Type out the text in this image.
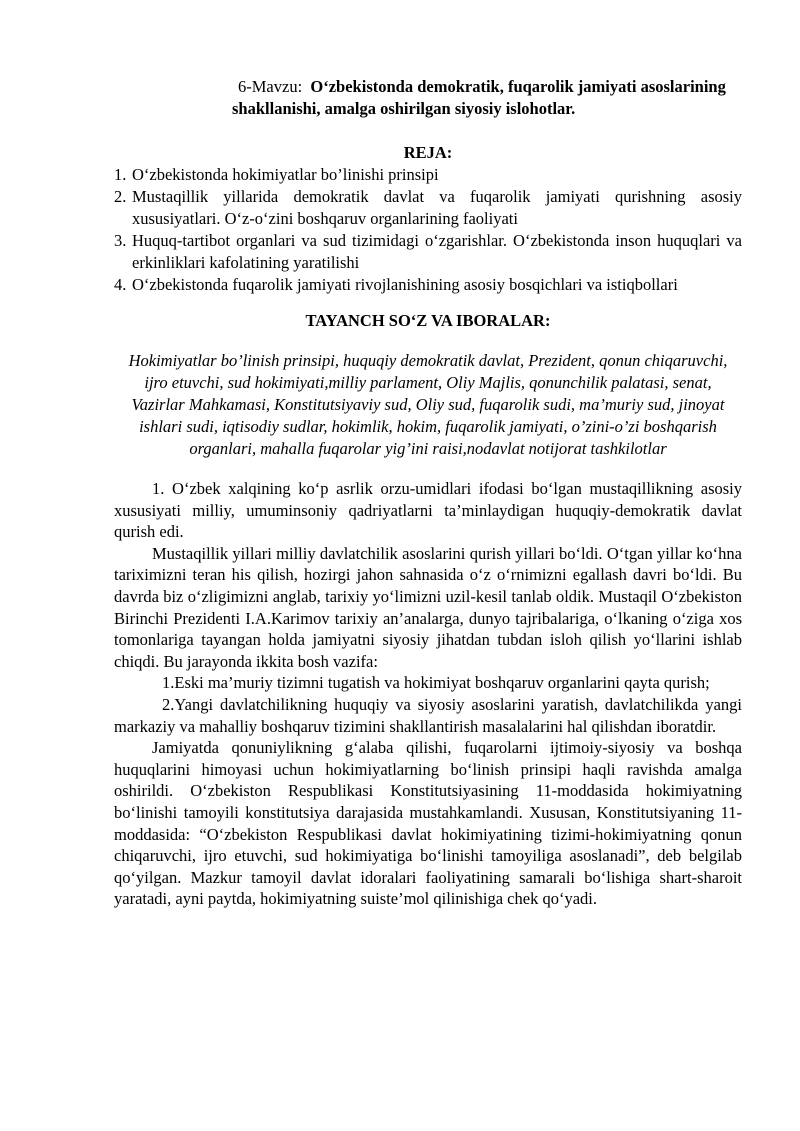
6-Mavzu: O‘zbekistonda demokratik, fuqarolik jamiyati asoslarining
shakllanishi, amalga oshirilgan siyosiy islohotlar.
REJA:
1. O‘zbekistonda hokimiyatlar bo’linishi prinsipi
2. Mustaqillik yillarida demokratik davlat va fuqarolik jamiyati qurishning asosiy xususiyatlari. O‘z-o‘zini boshqaruv organlarining faoliyati
3. Huquq-tartibot organlari va sud tizimidagi o‘zgarishlar. O‘zbekistonda inson huquqlari va erkinliklari kafolatining yaratilishi
4. O‘zbekistonda fuqarolik jamiyati rivojlanishining asosiy bosqichlari va istiqbollari
TAYANCH SO‘Z VA IBORALAR:
Hokimiyatlar bo’linish prinsipi, huquqiy demokratik davlat, Prezident, qonun chiqaruvchi, ijro etuvchi, sud hokimiyati,milliy parlament, Oliy Majlis, qonunchilik palatasi, senat, Vazirlar Mahkamasi, Konstitutsiyaviy sud, Oliy sud, fuqarolik sudi, ma’muriy sud, jinoyat ishlari sudi, iqtisodiy sudlar, hokimlik, hokim, fuqarolik jamiyati, o’zini-o’zi boshqarish organlari, mahalla fuqarolar yig’ini raisi,nodavlat notijorat tashkilotlar

1. O‘zbek xalqining ko‘p asrlik orzu-umidlari ifodasi bo‘lgan mustaqillikning asosiy xususiyati milliy, umuminsoniy qadriyatlarni ta’minlaydigan huquqiy-demokratik davlat qurish edi.

Mustaqillik yillari milliy davlatchilik asoslarini qurish yillari bo‘ldi. O‘tgan yillar ko‘hna tariximizni teran his qilish, hozirgi jahon sahnasida o‘z o‘rnimizni egallash davri bo‘ldi. Bu davrda biz o‘zligimizni anglab, tarixiy yo‘limizni uzil-kesil tanlab oldik. Mustaqil O‘zbekiston Birinchi Prezidenti I.A.Karimov tarixiy an’analarga, dunyo tajribalariga, o‘lkaning o‘ziga xos tomonlariga tayangan holda jamiyatni siyosiy jihatdan tubdan isloh qilish yo‘llarini ishlab chiqdi. Bu jarayonda ikkita bosh vazifa:

1.Eski ma’muriy tizimni tugatish va hokimiyat boshqaruv organlarini qayta qurish;

2.Yangi davlatchilikning huquqiy va siyosiy asoslarini yaratish, davlatchilikda yangi markaziy va mahalliy boshqaruv tizimini shakllantirish masalalarini hal qilishdan iboratdir.

Jamiyatda qonuniylikning g‘alaba qilishi, fuqarolarni ijtimoiy-siyosiy va boshqa huquqlarini himoyasi uchun hokimiyatlarning bo‘linish prinsipi haqli ravishda amalga oshirildi. O‘zbekiston Respublikasi Konstitutsiyasining 11-moddasida hokimiyatning bo‘linishi tamoyili konstitutsiya darajasida mustahkamlandi. Xususan, Konstitutsiyaning 11-moddasida: “O‘zbekiston Respublikasi davlat hokimiyatining tizimi-hokimiyatning qonun chiqaruvchi, ijro etuvchi, sud hokimiyatiga bo‘linishi tamoyiliga asoslanadi”, deb belgilab qo‘yilgan. Mazkur tamoyil davlat idoralari faoliyatining samarali bo‘lishiga shart-sharoit yaratadi, ayni paytda, hokimiyatning suiste’mol qilinishiga chek qo‘yadi.
